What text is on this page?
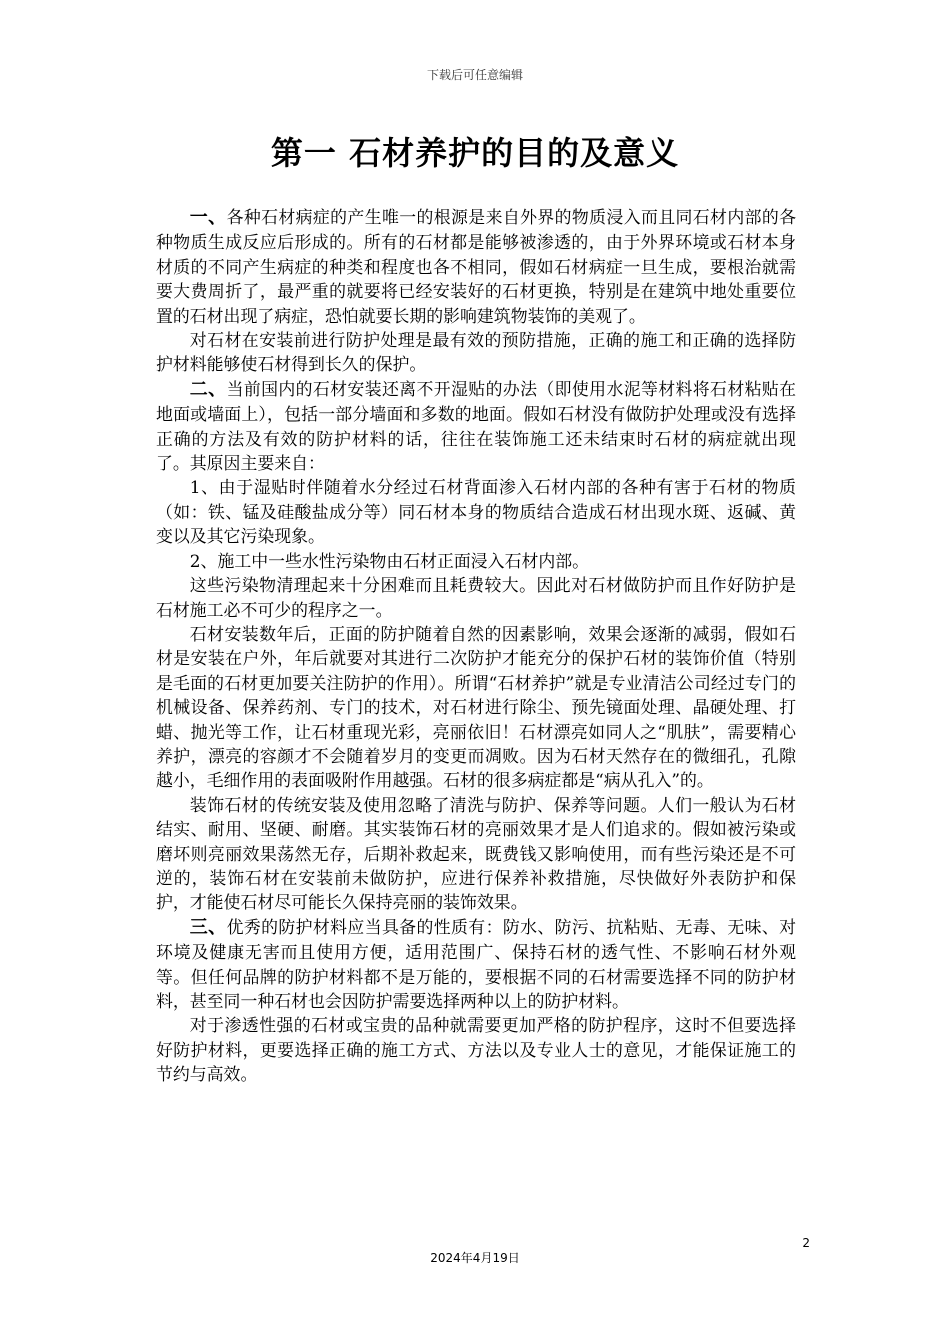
下载后可任意编辑
第一 石材养护的目的及意义

一、各种石材病症的产生唯一的根源是来自外界的物质浸入而且同石材内部的各种物质生成反应后形成的。所有的石材都是能够被渗透的，由于外界环境或石材本身材质的不同产生病症的种类和程度也各不相同，假如石材病症一旦生成，要根治就需要大费周折了，最严重的就要将已经安装好的石材更换，特别是在建筑中地处重要位置的石材出现了病症，恐怕就要长期的影响建筑物装饰的美观了。

对石材在安装前进行防护处理是最有效的预防措施，正确的施工和正确的选择防护材料能够使石材得到长久的保护。

二、当前国内的石材安装还离不开湿贴的办法（即使用水泥等材料将石材粘贴在地面或墙面上），包括一部分墙面和多数的地面。假如石材没有做防护处理或没有选择正确的方法及有效的防护材料的话，往往在装饰施工还未结束时石材的病症就出现了。其原因主要来自：

1、由于湿贴时伴随着水分经过石材背面渗入石材内部的各种有害于石材的物质（如：铁、锰及硅酸盐成分等）同石材本身的物质结合造成石材出现水斑、返碱、黄变以及其它污染现象。

2、施工中一些水性污染物由石材正面浸入石材内部。

这些污染物清理起来十分困难而且耗费较大。因此对石材做防护而且作好防护是石材施工必不可少的程序之一。

石材安装数年后，正面的防护随着自然的因素影响，效果会逐渐的减弱，假如石材是安装在户外，年后就要对其进行二次防护才能充分的保护石材的装饰价值（特别是毛面的石材更加要关注防护的作用）。所谓“石材养护”就是专业清洁公司经过专门的机械设备、保养药剂、专门的技术，对石材进行除尘、预先镜面处理、晶硬处理、打蜡、抛光等工作，让石材重现光彩，亮丽依旧！石材漂亮如同人之“肌肤”，需要精心养护，漂亮的容颜才不会随着岁月的变更而凋败。因为石材天然存在的微细孔，孔隙越小，毛细作用的表面吸附作用越强。石材的很多病症都是“病从孔入”的。

装饰石材的传统安装及使用忽略了清洗与防护、保养等问题。人们一般认为石材结实、耐用、坚硬、耐磨。其实装饰石材的亮丽效果才是人们追求的。假如被污染或磨坏则亮丽效果荡然无存，后期补救起来，既费钱又影响使用，而有些污染还是不可逆的，装饰石材在安装前未做防护，应进行保养补救措施，尽快做好外表防护和保护，才能使石材尽可能长久保持亮丽的装饰效果。

三、优秀的防护材料应当具备的性质有：防水、防污、抗粘贴、无毒、无味、对环境及健康无害而且使用方便，适用范围广、保持石材的透气性、不影响石材外观等。但任何品牌的防护材料都不是万能的，要根据不同的石材需要选择不同的防护材料，甚至同一种石材也会因防护需要选择两种以上的防护材料。

对于渗透性强的石材或宝贵的品种就需要更加严格的防护程序，这时不但要选择好防护材料，更要选择正确的施工方式、方法以及专业人士的意见，才能保证施工的节约与高效。

2
2024年4月19日
